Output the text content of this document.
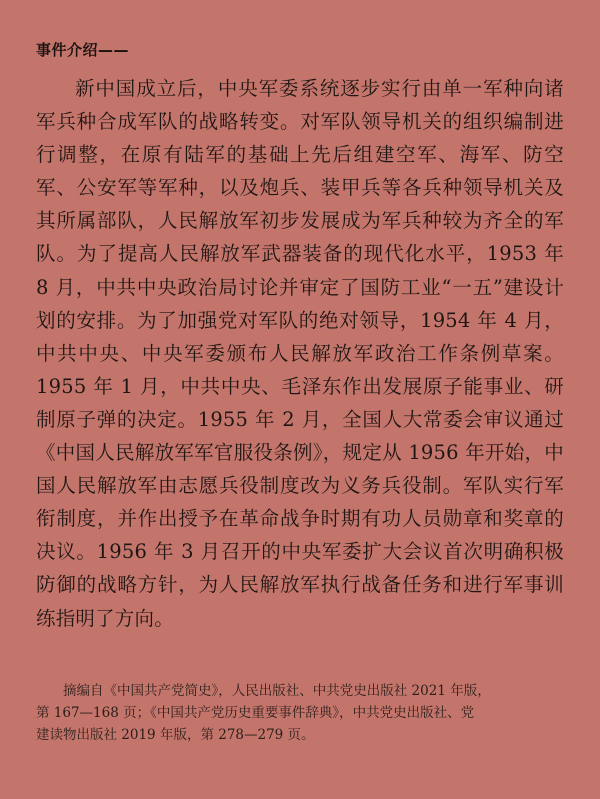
事件介绍——

新中国成立后，中央军委系统逐步实行由单一军种向诸军兵种合成军队的战略转变。对军队领导机关的组织编制进行调整，在原有陆军的基础上先后组建空军、海军、防空军、公安军等军种，以及炮兵、装甲兵等各兵种领导机关及其所属部队，人民解放军初步发展成为军兵种较为齐全的军队。为了提高人民解放军武器装备的现代化水平，1953 年 8 月，中共中央政治局讨论并审定了国防工业“一五”建设计划的安排。为了加强党对军队的绝对领导，1954 年 4 月，中共中央、中央军委颁布人民解放军政治工作条例草案。1955 年 1 月，中共中央、毛泽东作出发展原子能事业、研制原子弹的决定。1955 年 2 月，全国人大常委会审议通过《中国人民解放军军官服役条例》，规定从 1956 年开始，中国人民解放军由志愿兵役制度改为义务兵役制。军队实行军衔制度，并作出授予在革命战争时期有功人员勋章和奖章的决议。1956 年 3 月召开的中央军委扩大会议首次明确积极防御的战略方针，为人民解放军执行战备任务和进行军事训练指明了方向。

摘编自《中国共产党简史》，人民出版社、中共党史出版社 2021 年版，
第 167—168 页；《中国共产党历史重要事件辞典》，中共党史出版社、党
建读物出版社 2019 年版，第 278—279 页。
